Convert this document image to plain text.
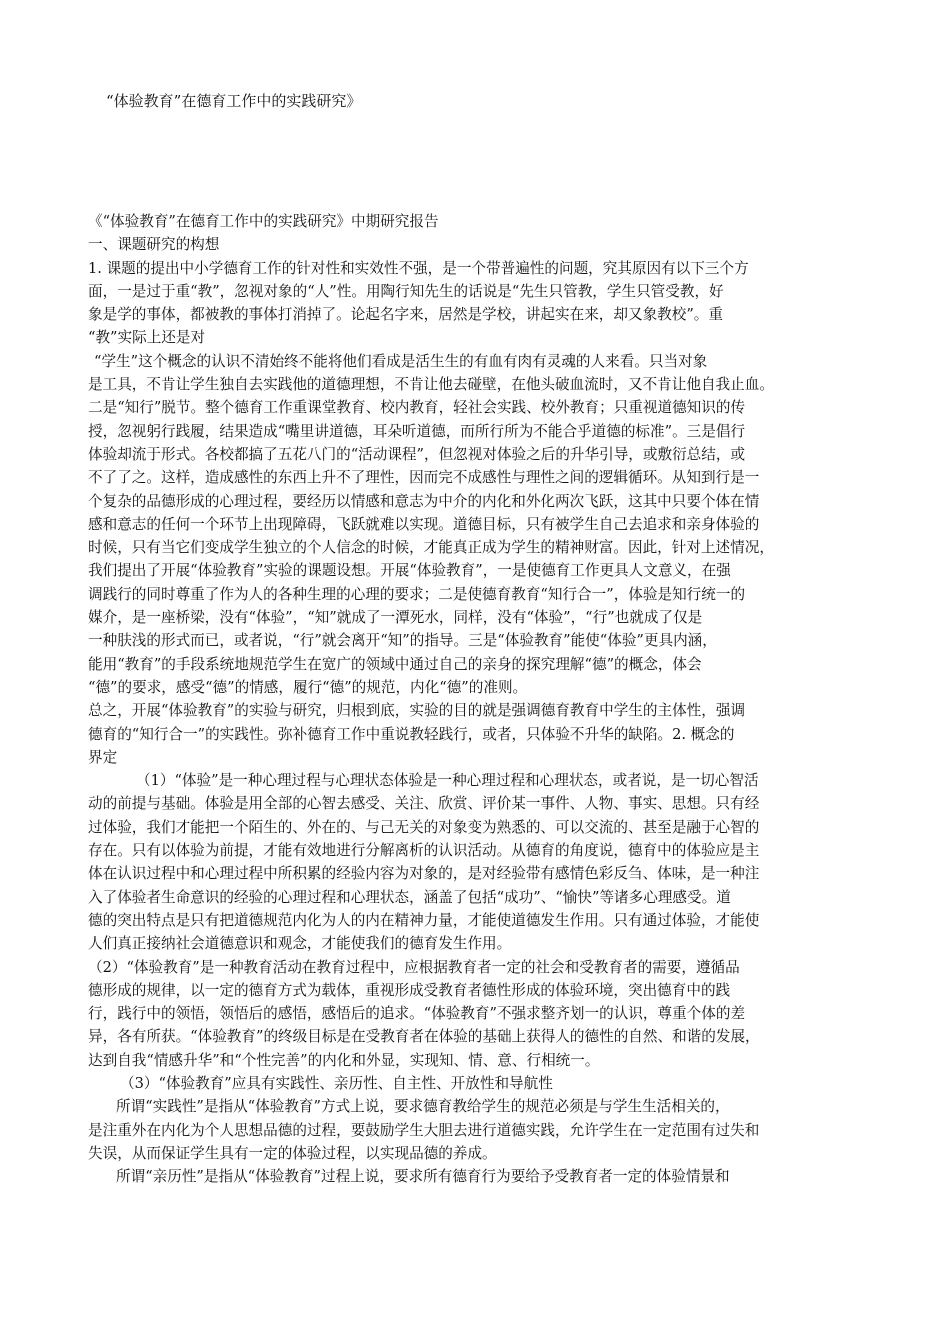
“体验教育”在德育工作中的实践研究》
《“体验教育”在德育工作中的实践研究》中期研究报告
一、课题研究的构想
1. 课题的提出中小学德育工作的针对性和实效性不强，是一个带普遍性的问题，究其原因有以下三个方
面，一是过于重“教”，忽视对象的“人”性。用陶行知先生的话说是“先生只管教，学生只管受教，好
象是学的事体，都被教的事体打消掉了。论起名字来，居然是学校，讲起实在来，却又象教校”。重
“教”实际上还是对
“学生”这个概念的认识不清始终不能将他们看成是活生生的有血有肉有灵魂的人来看。只当对象
是工具，不肯让学生独自去实践他的道德理想，不肯让他去碰壁，在他头破血流时，又不肯让他自我止血。
二是“知行”脱节。整个德育工作重课堂教育、校内教育，轻社会实践、校外教育；只重视道德知识的传
授，忽视躬行践履，结果造成“嘴里讲道德，耳朵听道德，而所行所为不能合乎道德的标准”。三是倡行
体验却流于形式。各校都搞了五花八门的“活动课程”，但忽视对体验之后的升华引导，或敷衍总结，或
不了了之。这样，造成感性的东西上升不了理性，因而完不成感性与理性之间的逻辑循环。从知到行是一
个复杂的品德形成的心理过程，要经历以情感和意志为中介的内化和外化两次飞跃，这其中只要个体在情
感和意志的任何一个环节上出现障碍，飞跃就难以实现。道德目标，只有被学生自己去追求和亲身体验的
时候，只有当它们变成学生独立的个人信念的时候，才能真正成为学生的精神财富。因此，针对上述情况，
我们提出了开展“体验教育”实验的课题设想。开展“体验教育”，一是使德育工作更具人文意义，在强
调践行的同时尊重了作为人的各种生理的心理的要求；二是使德育教育“知行合一”，体验是知行统一的
媒介，是一座桥梁，没有“体验”，“知”就成了一潭死水，同样，没有“体验”，“行”也就成了仅是
一种肤浅的形式而已，或者说，“行”就会离开“知”的指导。三是“体验教育”能使“体验”更具内涵，
能用“教育”的手段系统地规范学生在宽广的领域中通过自己的亲身的探究理解“德”的概念，体会
“德”的要求，感受“德”的情感，履行“德”的规范，内化“德”的准则。
总之，开展“体验教育”的实验与研究，归根到底，实验的目的就是强调德育教育中学生的主体性，强调
德育的“知行合一”的实践性。弥补德育工作中重说教轻践行，或者，只体验不升华的缺陷。2. 概念的
界定
（1）“体验”是一种心理过程与心理状态体验是一种心理过程和心理状态，或者说，是一切心智活
动的前提与基础。体验是用全部的心智去感受、关注、欣赏、评价某一事件、人物、事实、思想。只有经
过体验，我们才能把一个陌生的、外在的、与己无关的对象变为熟悉的、可以交流的、甚至是融于心智的
存在。只有以体验为前提，才能有效地进行分解离析的认识活动。从德育的角度说，德育中的体验应是主
体在认识过程中和心理过程中所积累的经验内容为对象的，是对经验带有感情色彩反刍、体味，是一种注
入了体验者生命意识的经验的心理过程和心理状态，涵盖了包括“成功”、“愉快”等诸多心理感受。道
德的突出特点是只有把道德规范内化为人的内在精神力量，才能使道德发生作用。只有通过体验，才能使
人们真正接纳社会道德意识和观念，才能使我们的德育发生作用。
（2）“体验教育”是一种教育活动在教育过程中，应根据教育者一定的社会和受教育者的需要，遵循品
德形成的规律，以一定的德育方式为载体，重视形成受教育者德性形成的体验环境，突出德育中的践
行，践行中的领悟，领悟后的感悟，感悟后的追求。“体验教育”不强求整齐划一的认识，尊重个体的差
异，各有所获。“体验教育”的终级目标是在受教育者在体验的基础上获得人的德性的自然、和谐的发展，
达到自我“情感升华”和“个性完善”的内化和外显，实现知、情、意、行相统一。
（3）“体验教育”应具有实践性、亲历性、自主性、开放性和导航性
所谓“实践性”是指从“体验教育”方式上说，要求德育教给学生的规范必须是与学生生活相关的，
是注重外在内化为个人思想品德的过程，要鼓励学生大胆去进行道德实践，允许学生在一定范围有过失和
失误，从而保证学生具有一定的体验过程，以实现品德的养成。
所谓“亲历性”是指从“体验教育”过程上说，要求所有德育行为要给予受教育者一定的体验情景和
